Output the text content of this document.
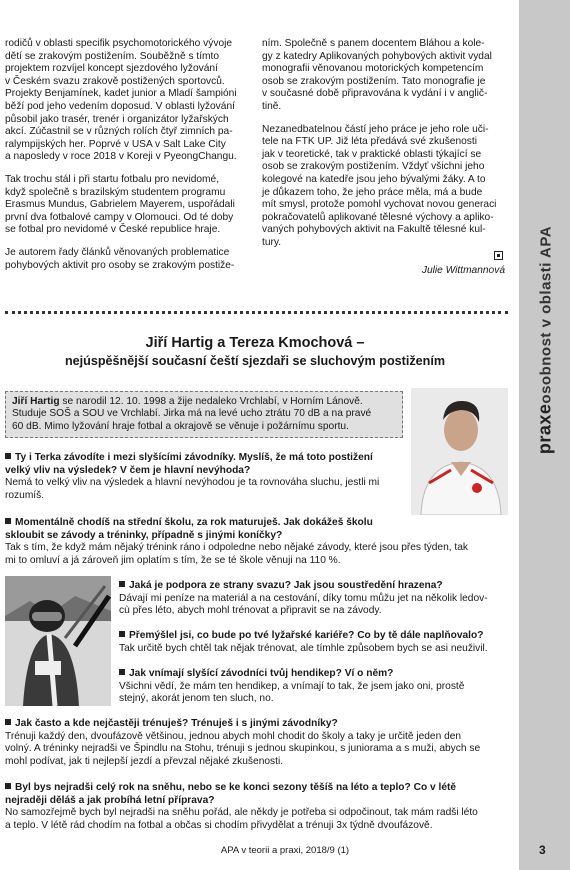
praxeosobnost v oblasti APA

rodičů v oblasti specifik psychomotorického vývoje
dětí se zrakovým postižením. Souběžně s tímto
projektem rozvíjel koncept sjezdového lyžování
v Českém svazu zrakově postižených sportovců.
Projekty Benjamínek, kadet junior a Mladí šampióni
běží pod jeho vedením doposud. V oblasti lyžování
působil jako trasér, trenér i organizátor lyžařských
akcí. Zúčastnil se v různých rolích čtyř zimních pa-
ralympijských her. Poprvé v USA v Salt Lake City
a naposledy v roce 2018 v Koreji v PyeongChangu.

Tak trochu stál i při startu fotbalu pro nevidomé,
když společně s brazilským studentem programu
Erasmus Mundus, Gabrielem Mayerem, uspořádali
první dva fotbalové campy v Olomouci. Od té doby
se fotbal pro nevidomé v České republice hraje.

Je autorem řady článků věnovaných problematice
pohybových aktivit pro osoby se zrakovým postiže-

ním. Společně s panem docentem Bláhou a kole-
gy z katedry Aplikovaných pohybových aktivit vydal
monografii věnovanou motorických kompetencím
osob se zrakovým postižením. Tato monografie je
v současné době připravována k vydání i v anglič-
tině.

Nezanedbatelnou částí jeho práce je jeho role uči-
tele na FTK UP. Již léta předává své zkušenosti
jak v teoretické, tak v praktické oblasti týkající se
osob se zrakovým postižením. Vždyť všichni jeho
kolegové na katedře jsou jeho bývalými žáky. A to
je důkazem toho, že jeho práce měla, má a bude
mít smysl, protože pomohl vychovat novou generaci
pokračovatelů aplikované tělesné výchovy a apliko-
vaných pohybových aktivit na Fakultě tělesné kul-
tury.

Julie Wittmannová
Jiří Hartig a Tereza Kmochová –
nejúspěšnější současní čeští sjezdaři se sluchovým postižením

Jiří Hartig se narodil 12. 10. 1998 a žije nedaleko Vrchlabí, v Horním Lánově.
Studuje SOŠ a SOU ve Vrchlabí. Jirka má na levé ucho ztrátu 70 dB a na pravé
60 dB. Mimo lyžování hraje fotbal a okrajově se věnuje i požárnímu sportu.

Ty i Terka závodíte i mezi slyšícími závodníky. Myslíš, že má toto postižení
velký vliv na výsledek? V čem je hlavní nevýhoda?
Nemá to velký vliv na výsledek a hlavní nevýhodou je ta rovnováha sluchu, jestli mi
rozumíš.
Momentálně chodíš na střední školu, za rok maturuješ. Jak dokážeš školu
skloubit se závody a tréninky, případně s jinými koníčky?
Tak s tím, že když mám nějaký trénink ráno i odpoledne nebo nějaké závody, které jsou přes týden, tak
mi to omluví a já zároveň jim oplatím s tím, že se té škole věnuji na 110 %.
Jaká je podpora ze strany svazu? Jak jsou soustředění hrazena?
Dávají mi peníze na materiál a na cestování, díky tomu můžu jet na několik ledov-
cù přes léto, abych mohl trénovat a připravit se na závody.
Přemýšlel jsi, co bude po tvé lyžařské kariéře? Co by tě dále naplňovalo?
Tak určitě bych chtěl tak nějak trénovat, ale tímhle způsobem bych se asi neuživil.
Jak vnímají slyšící závodníci tvůj hendikep? Ví o něm?
Všichni vědí, že mám ten hendikep, a vnímají to tak, že jsem jako oni, prostě
stejný, akorát jenom ten sluch, no.
Jak často a kde nejčastěji trénuješ? Trénuješ i s jinými závodníky?
Trénuji každý den, dvoufázově většinou, jednou abych mohl chodit do školy a taky je určitě jeden den
volný. A tréninky nejradši ve Špindlu na Stohu, trénuji s jednou skupinkou, s juniorama a s muži, abych se
mohl podívat, jak ti nejlepší jezdí a převzal nějaké zkušenosti.
Byl bys nejradši celý rok na sněhu, nebo se ke konci sezony těšíš na léto a teplo? Co v létě
nejraději děláš a jak probíhá letní příprava?
No samozřejmě bych byl nejradši na sněhu pořád, ale někdy je potřeba si odpočinout, tak mám radši léto
a teplo. V létě rád chodím na fotbal a občas si chodím přivydělat a trénuji 3x týdně dvoufázově.
APA v teorii a praxi, 2018/9 (1)	3
